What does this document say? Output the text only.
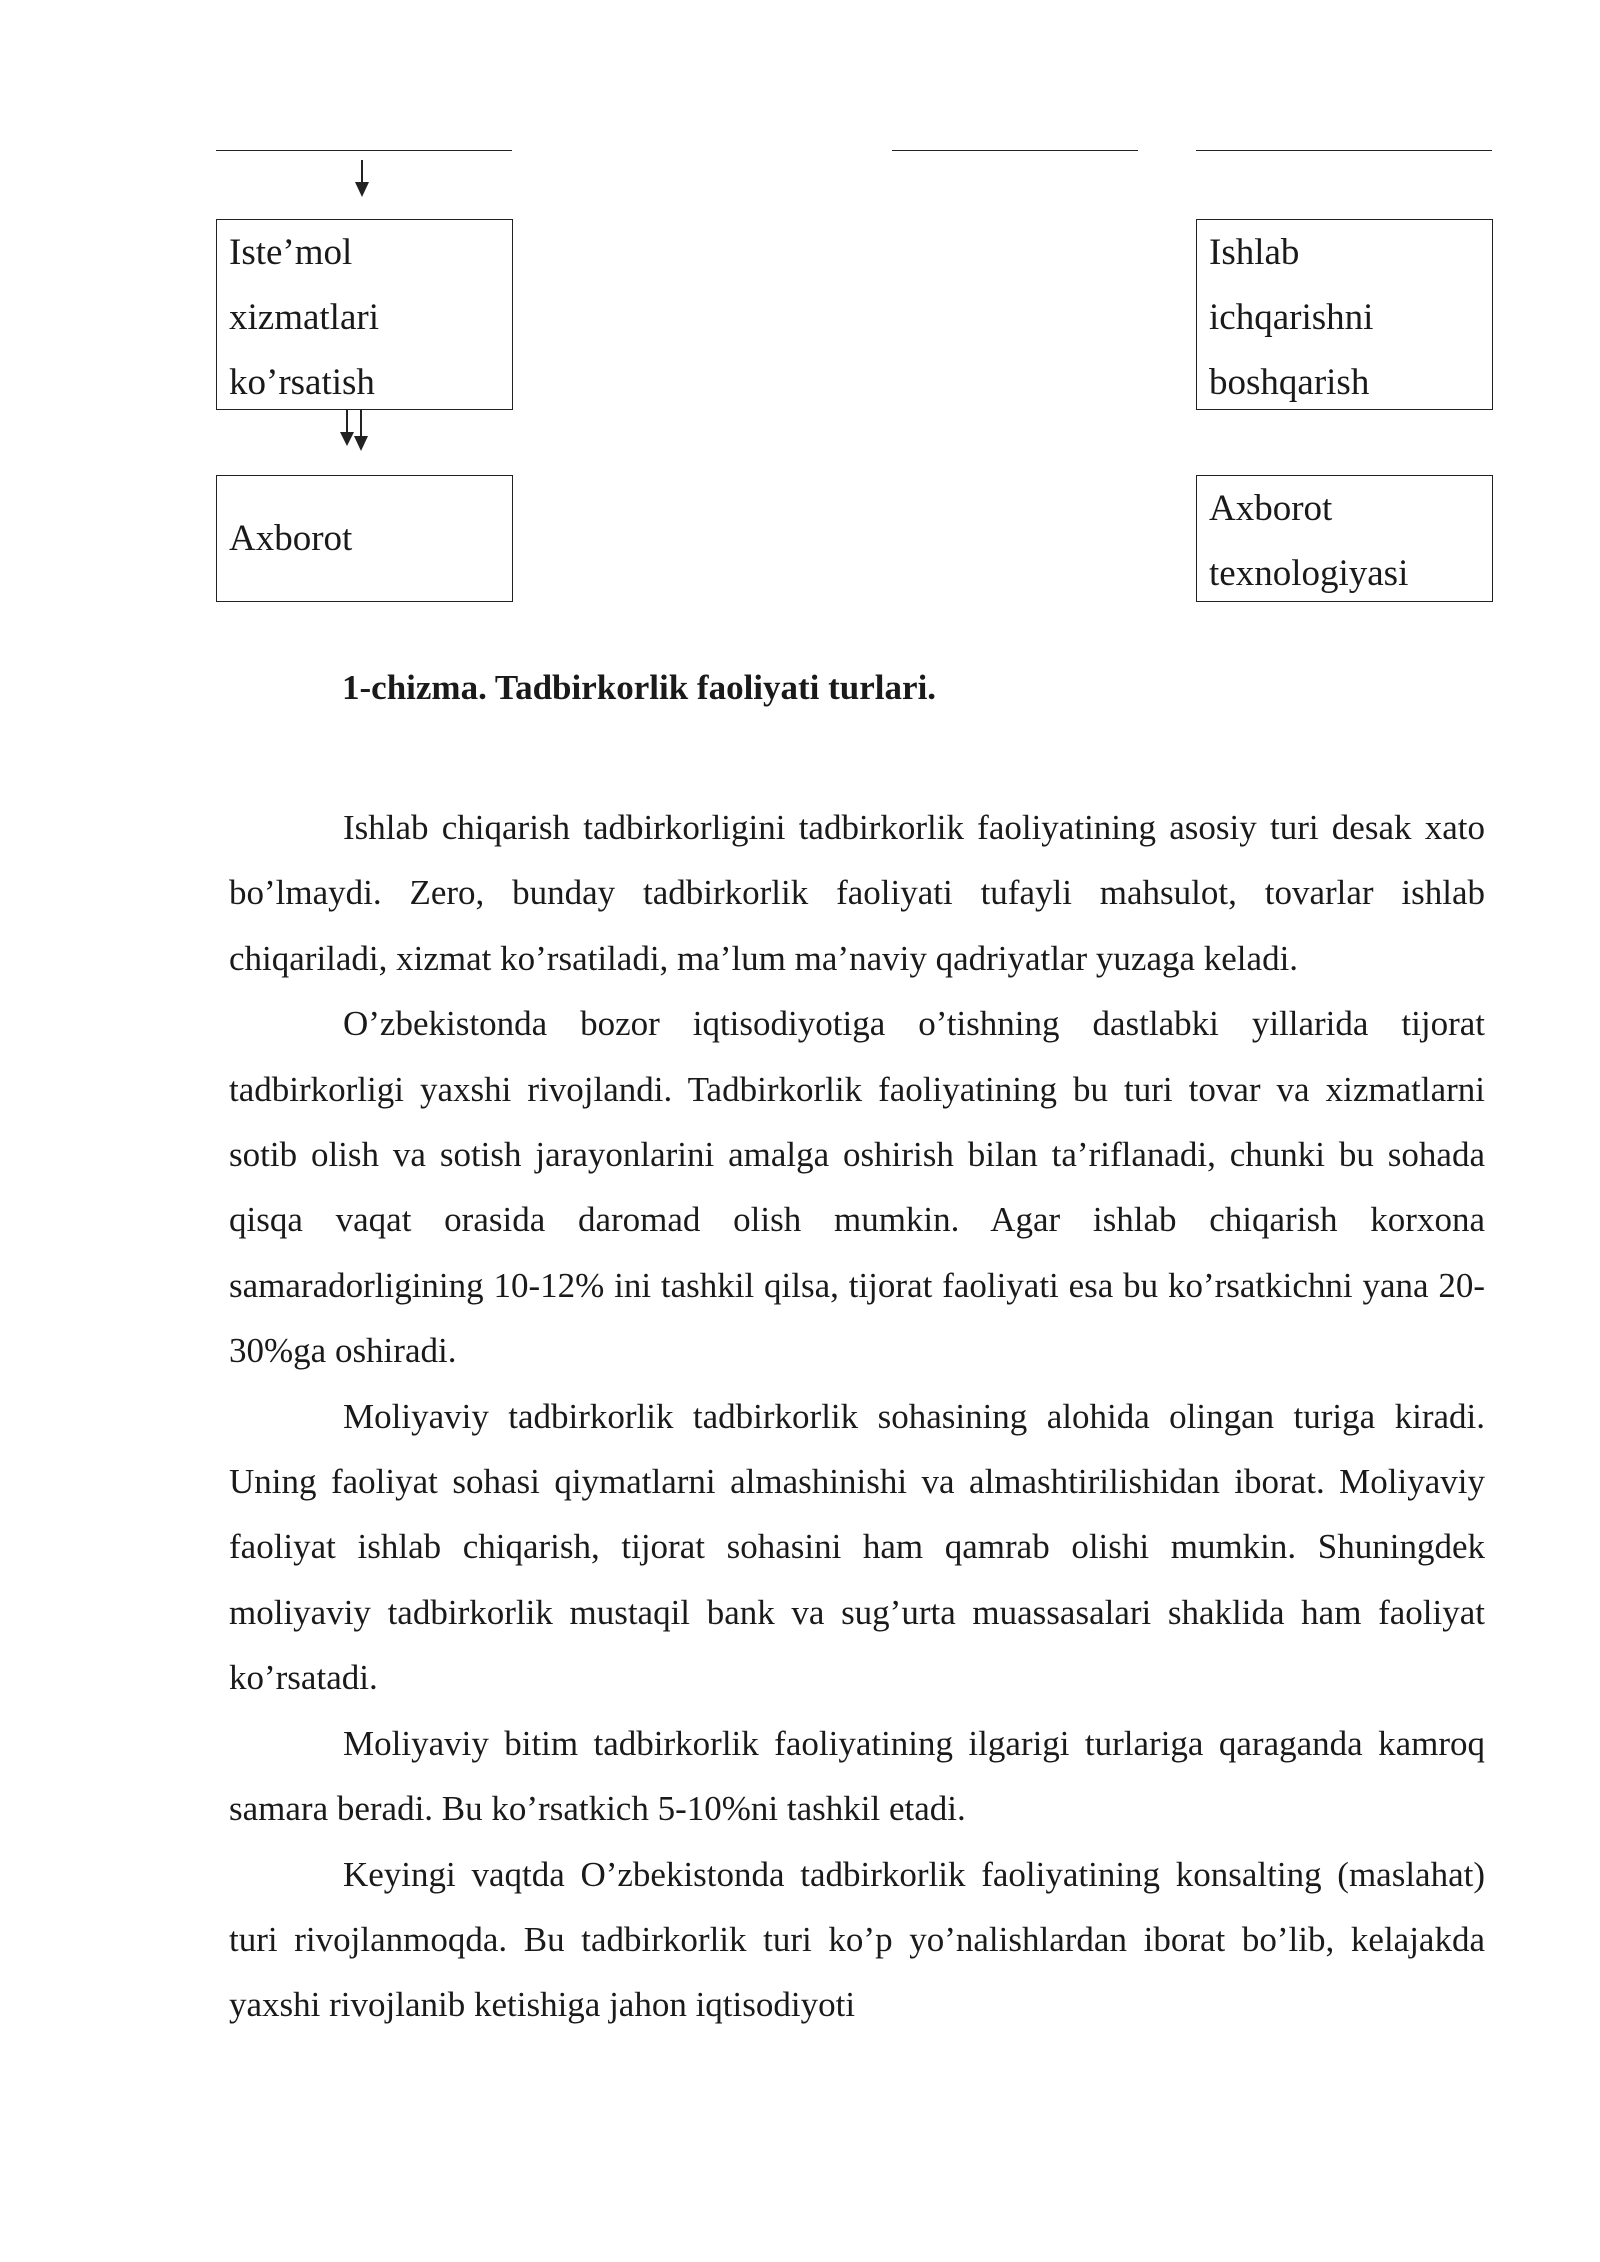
Iste’mol
xizmatlari
ko’rsatish
Axborot
Ishlab
ichqarishni
boshqarish
Axborot
texnologiyasi
1-chizma. Tadbirkorlik faoliyati turlari.

Ishlab chiqarish tadbirkorligini tadbirkorlik faoliyatining asosiy turi desak xato bo’lmaydi. Zero, bunday tadbirkorlik faoliyati tufayli mahsulot, tovarlar ishlab chiqariladi, xizmat ko’rsatiladi, ma’lum ma’naviy qadriyatlar yuzaga keladi.

O’zbekistonda bozor iqtisodiyotiga o’tishning dastlabki yillarida tijorat tadbirkorligi yaxshi rivojlandi. Tadbirkorlik faoliyatining bu turi tovar va xizmatlarni sotib olish va sotish jarayonlarini amalga oshirish bilan ta’riflanadi, chunki bu sohada qisqa vaqat orasida daromad olish mumkin. Agar ishlab chiqarish korxona samaradorligining 10-12% ini tashkil qilsa, tijorat faoliyati esa bu ko’rsatkichni yana 20-30%ga oshiradi.

Moliyaviy tadbirkorlik tadbirkorlik sohasining alohida olingan turiga kiradi. Uning faoliyat sohasi qiymatlarni almashinishi va almashtirilishidan iborat. Moliyaviy faoliyat ishlab chiqarish, tijorat sohasini ham qamrab olishi mumkin. Shuningdek moliyaviy tadbirkorlik mustaqil bank va sug’urta muassasalari shaklida ham faoliyat ko’rsatadi.

Moliyaviy bitim tadbirkorlik faoliyatining ilgarigi turlariga qaraganda kamroq samara beradi. Bu ko’rsatkich 5-10%ni tashkil etadi.

Keyingi vaqtda O’zbekistonda tadbirkorlik faoliyatining konsalting (maslahat) turi rivojlanmoqda. Bu tadbirkorlik turi ko’p yo’nalishlardan iborat bo’lib, kelajakda yaxshi rivojlanib ketishiga jahon iqtisodiyoti
